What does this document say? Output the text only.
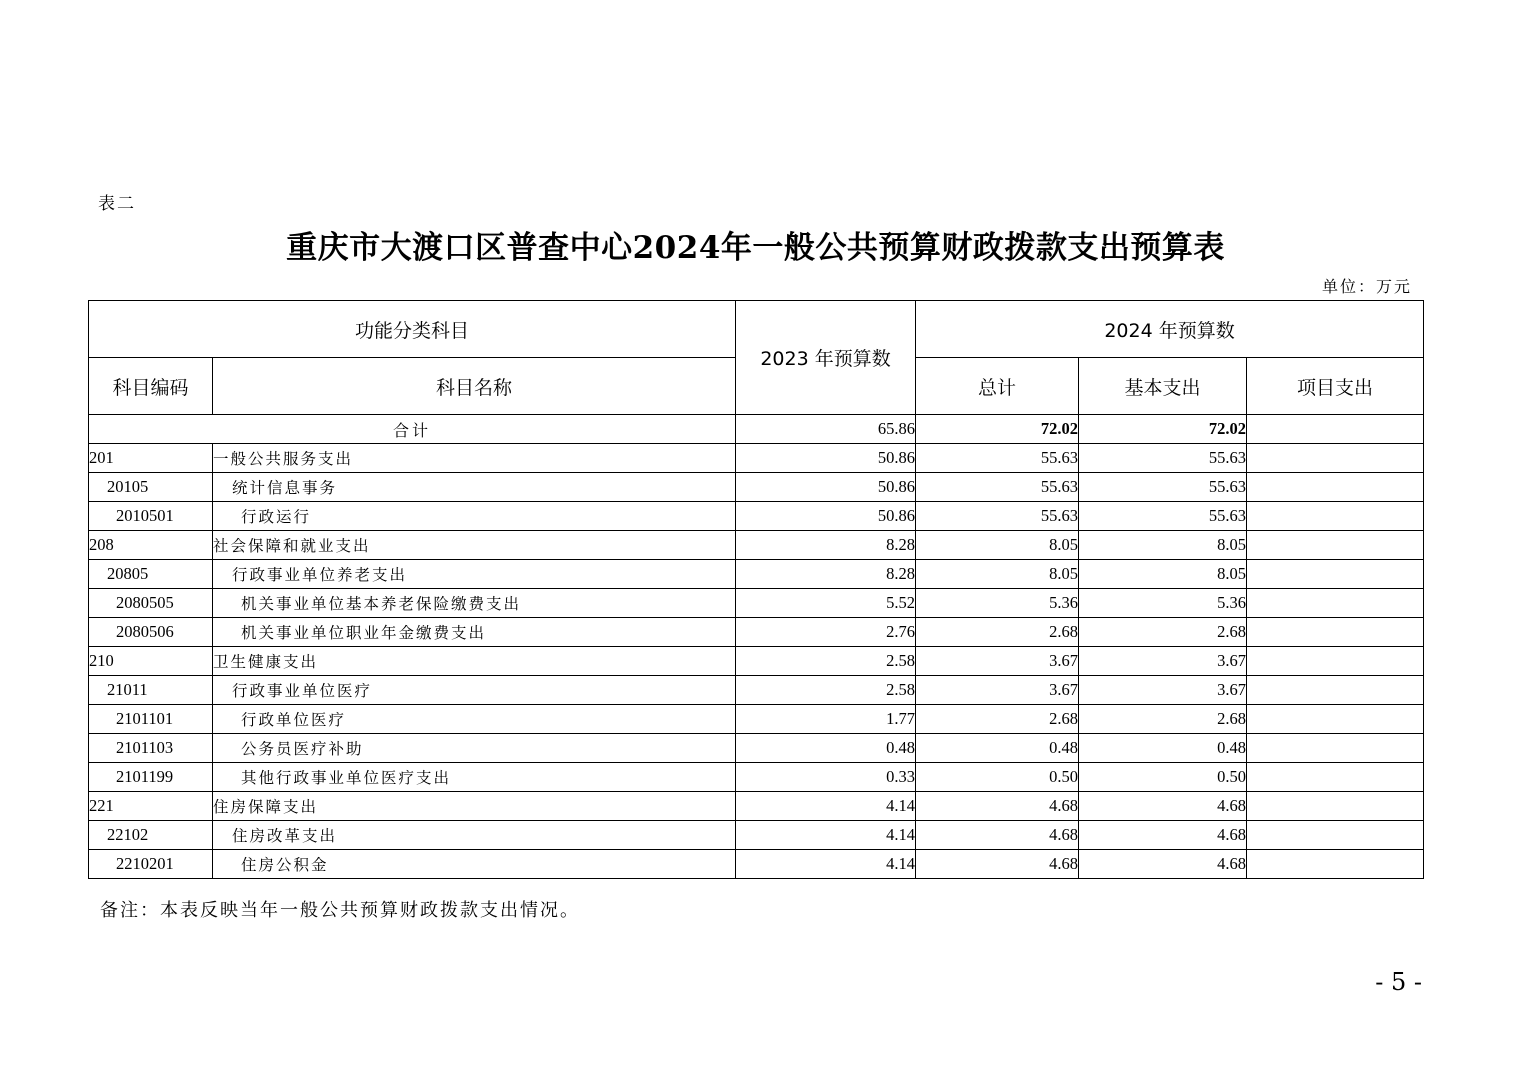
表二
重庆市大渡口区普查中心2024年一般公共预算财政拨款支出预算表
单位：万元
功能分类科目		2023 年预算数	2024 年预算数		
科目编码	科目名称		总计	基本支出	项目支出
合计		65.86	72.02	72.02	
201	一般公共服务支出	50.86	55.63	55.63	
20105	统计信息事务	50.86	55.63	55.63	
2010501	行政运行	50.86	55.63	55.63	
208	社会保障和就业支出	8.28	8.05	8.05	
20805	行政事业单位养老支出	8.28	8.05	8.05	
2080505	机关事业单位基本养老保险缴费支出	5.52	5.36	5.36	
2080506	机关事业单位职业年金缴费支出	2.76	2.68	2.68	
210	卫生健康支出	2.58	3.67	3.67	
21011	行政事业单位医疗	2.58	3.67	3.67	
2101101	行政单位医疗	1.77	2.68	2.68	
2101103	公务员医疗补助	0.48	0.48	0.48	
2101199	其他行政事业单位医疗支出	0.33	0.50	0.50	
221	住房保障支出	4.14	4.68	4.68	
22102	住房改革支出	4.14	4.68	4.68	
2210201	住房公积金	4.14	4.68	4.68	
备注：本表反映当年一般公共预算财政拨款支出情况。
- 5 -
